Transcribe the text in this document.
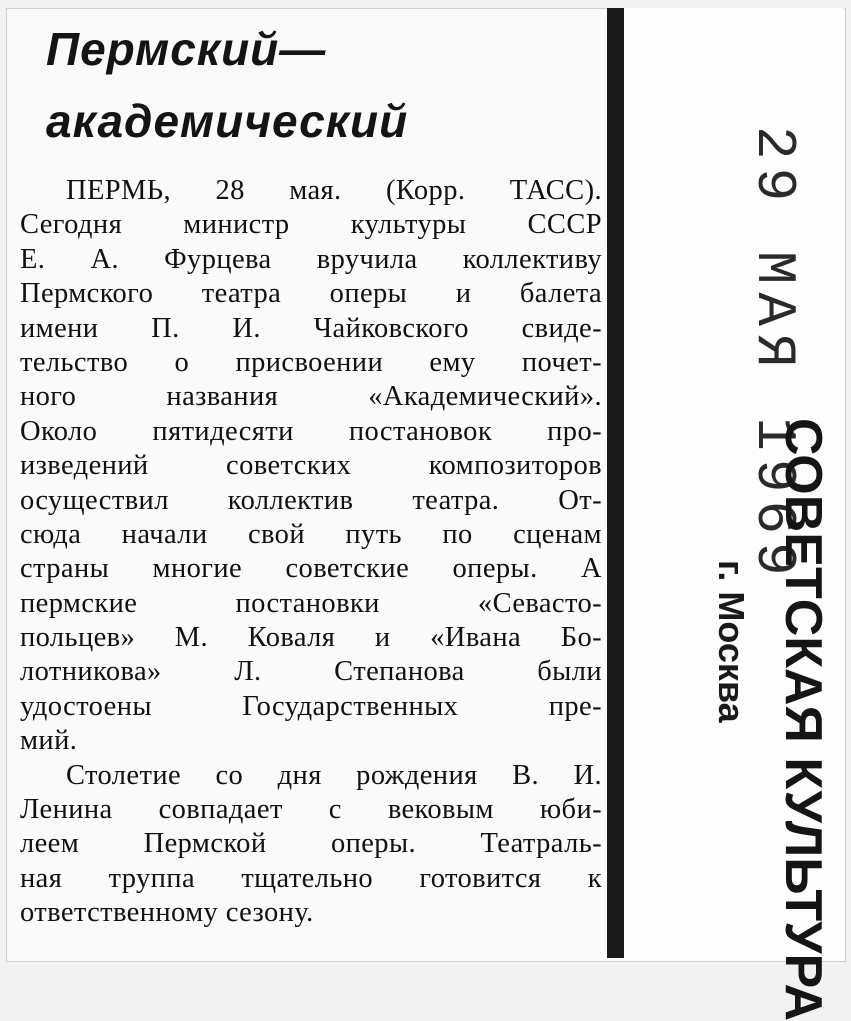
Пермский—
академический
ПЕРМЬ, 28 мая. (Корр. ТАСС).
Сегодня министр культуры СССР
Е. А. Фурцева вручила коллективу
Пермского театра оперы и балета
имени П. И. Чайковского свиде-
тельство о присвоении ему почет-
ного названия «Академический».
Около пятидесяти постановок про-
изведений советских композиторов
осуществил коллектив театра. От-
сюда начали свой путь по сценам
страны многие советские оперы. А
пермские постановки «Севасто-
польцев» М. Коваля и «Ивана Бо-
лотникова» Л. Степанова были
удостоены Государственных пре-
мий.
Столетие со дня рождения В. И.
Ленина совпадает с вековым юби-
леем Пермской оперы. Театраль-
ная труппа тщательно готовится к
ответственному сезону.
29 МАЯ 1969
СОВЕТСКАЯ КУЛЬТУРА
г. Москва
